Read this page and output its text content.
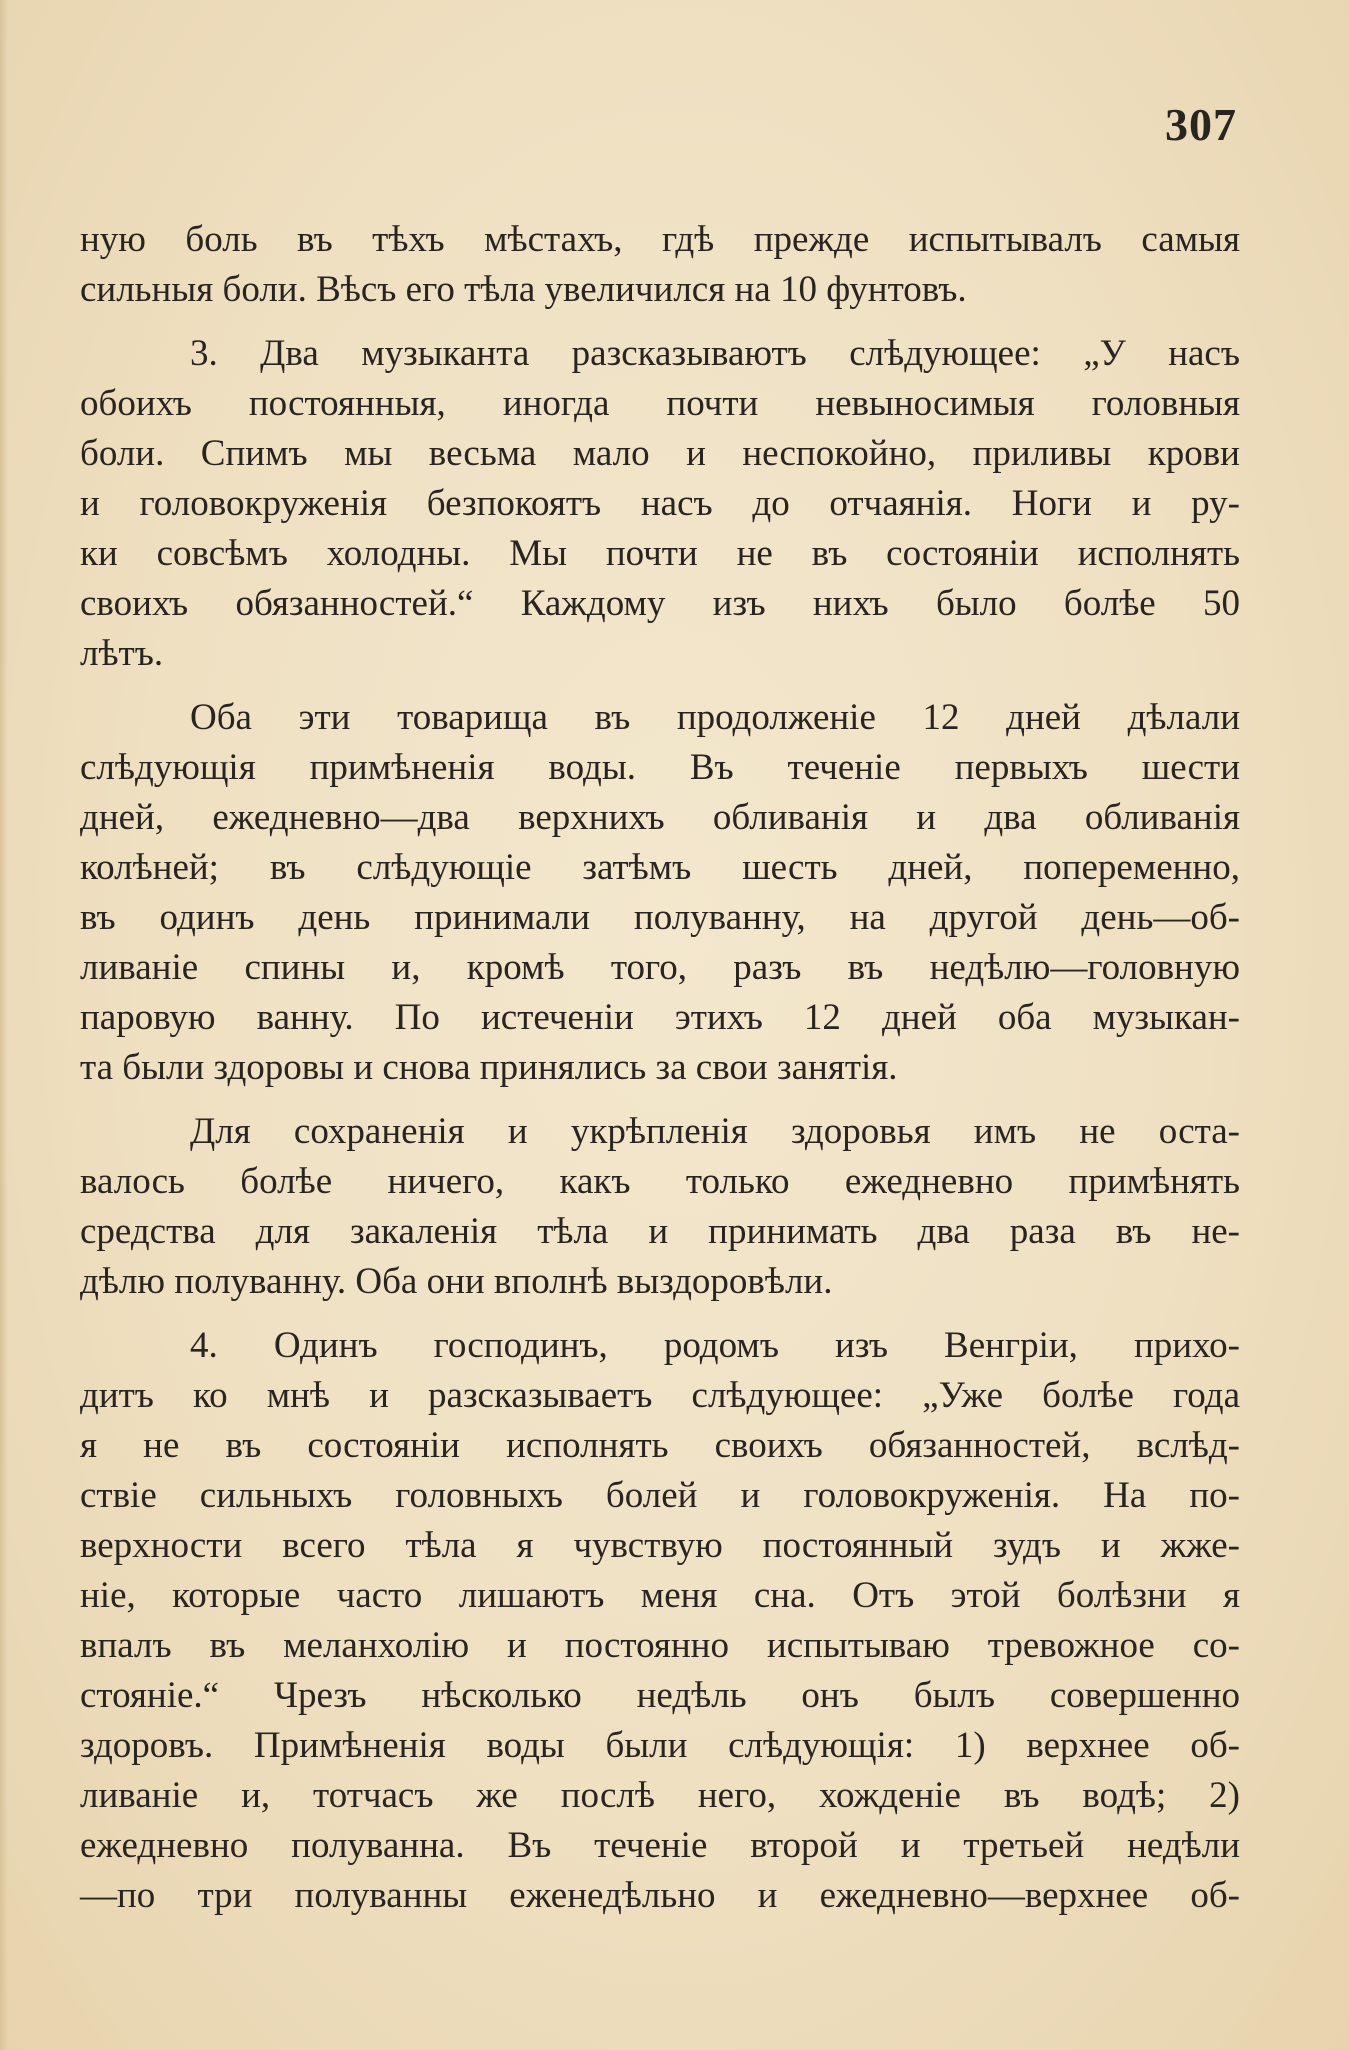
307
ную боль въ тѣхъ мѣстахъ, гдѣ прежде испытывалъ самыя
сильныя боли. Вѣсъ его тѣла увеличился на 10 фунтовъ.
3. Два музыканта разсказываютъ слѣдующее: „У насъ
обоихъ постоянныя, иногда почти невыносимыя головныя
боли. Спимъ мы весьма мало и неспокойно, приливы крови
и головокруженія безпокоятъ насъ до отчаянія. Ноги и ру-
ки совсѣмъ холодны. Мы почти не въ состояніи исполнять
своихъ обязанностей.“ Каждому изъ нихъ было болѣе 50
лѣтъ.
Оба эти товарища въ продолженіе 12 дней дѣлали
слѣдующія примѣненія воды. Въ теченіе первыхъ шести
дней, ежедневно—два верхнихъ обливанія и два обливанія
колѣней; въ слѣдующіе затѣмъ шесть дней, попеременно,
въ одинъ день принимали полуванну, на другой день—об-
ливаніе спины и, кромѣ того, разъ въ недѣлю—головную
паровую ванну. По истеченіи этихъ 12 дней оба музыкан-
та были здоровы и снова принялись за свои занятія.
Для сохраненія и укрѣпленія здоровья имъ не оста-
валось болѣе ничего, какъ только ежедневно примѣнять
средства для закаленія тѣла и принимать два раза въ не-
дѣлю полуванну. Оба они вполнѣ выздоровѣли.
4. Одинъ господинъ, родомъ изъ Венгріи, прихо-
дитъ ко мнѣ и разсказываетъ слѣдующее: „Уже болѣе года
я не въ состояніи исполнять своихъ обязанностей, вслѣд-
ствіе сильныхъ головныхъ болей и головокруженія. На по-
верхности всего тѣла я чувствую постоянный зудъ и жже-
ніе, которые часто лишаютъ меня сна. Отъ этой болѣзни я
впалъ въ меланхолію и постоянно испытываю тревожное со-
стояніе.“ Чрезъ нѣсколько недѣль онъ былъ совершенно
здоровъ. Примѣненія воды были слѣдующія: 1) верхнее об-
ливаніе и, тотчасъ же послѣ него, хожденіе въ водѣ; 2)
ежедневно полуванна. Въ теченіе второй и третьей недѣли
—по три полуванны еженедѣльно и ежедневно—верхнее об-
